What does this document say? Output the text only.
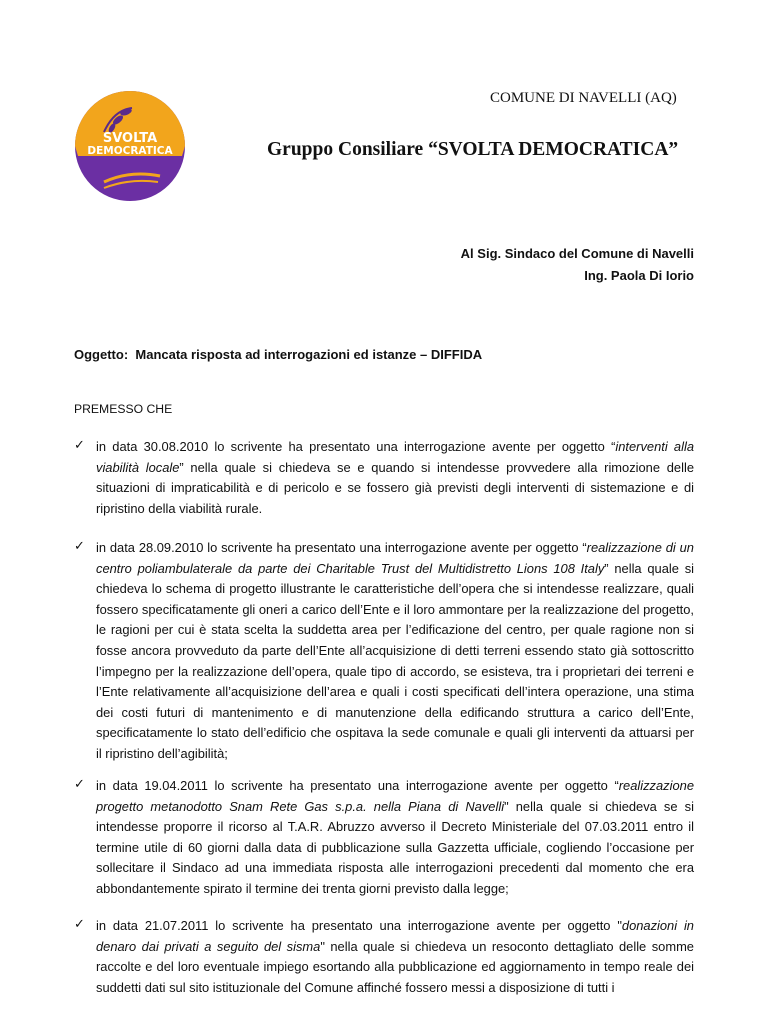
SVOLTA
DEMOCRATICA
COMUNE DI NAVELLI (AQ)
Gruppo Consiliare “SVOLTA DEMOCRATICA”
Al Sig. Sindaco del Comune di Navelli
Ing. Paola Di Iorio
Oggetto: Mancata risposta ad interrogazioni ed istanze – DIFFIDA
PREMESSO CHE
✓ in data 30.08.2010 lo scrivente ha presentato una interrogazione avente per oggetto “interventi alla viabilità locale” nella quale si chiedeva se e quando si intendesse provvedere alla rimozione delle situazioni di impraticabilità e di pericolo e se fossero già previsti degli interventi di sistemazione e di ripristino della viabilità rurale.

✓ in data 28.09.2010 lo scrivente ha presentato una interrogazione avente per oggetto “realizzazione di un centro poliambulaterale da parte dei Charitable Trust del Multidistretto Lions 108 Italy” nella quale si chiedeva lo schema di progetto illustrante le caratteristiche dell’opera che si intendesse realizzare, quali fossero specificatamente gli oneri a carico dell’Ente e il loro ammontare per la realizzazione del progetto, le ragioni per cui è stata scelta la suddetta area per l’edificazione del centro, per quale ragione non si fosse ancora provveduto da parte dell’Ente all’acquisizione di detti terreni essendo stato già sottoscritto l’impegno per la realizzazione dell’opera, quale tipo di accordo, se esisteva, tra i proprietari dei terreni e l’Ente relativamente all’acquisizione dell’area e quali i costi specificati dell’intera operazione, una stima dei costi futuri di mantenimento e di manutenzione della edificando struttura a carico dell’Ente, specificatamente lo stato dell’edificio che ospitava la sede comunale e quali gli interventi da attuarsi per il ripristino dell’agibilità;

✓ in data 19.04.2011 lo scrivente ha presentato una interrogazione avente per oggetto “realizzazione progetto metanodotto Snam Rete Gas s.p.a. nella Piana di Navelli" nella quale si chiedeva se si intendesse proporre il ricorso al T.A.R. Abruzzo avverso il Decreto Ministeriale del 07.03.2011 entro il termine utile di 60 giorni dalla data di pubblicazione sulla Gazzetta ufficiale, cogliendo l’occasione per sollecitare il Sindaco ad una immediata risposta alle interrogazioni precedenti dal momento che era abbondantemente spirato il termine dei trenta giorni previsto dalla legge;

✓ in data 21.07.2011 lo scrivente ha presentato una interrogazione avente per oggetto "donazioni in denaro dai privati a seguito del sisma" nella quale si chiedeva un resoconto dettagliato delle somme raccolte e del loro eventuale impiego esortando alla pubblicazione ed aggiornamento in tempo reale dei suddetti dati sul sito istituzionale del Comune affinché fossero messi a disposizione di tutti i
